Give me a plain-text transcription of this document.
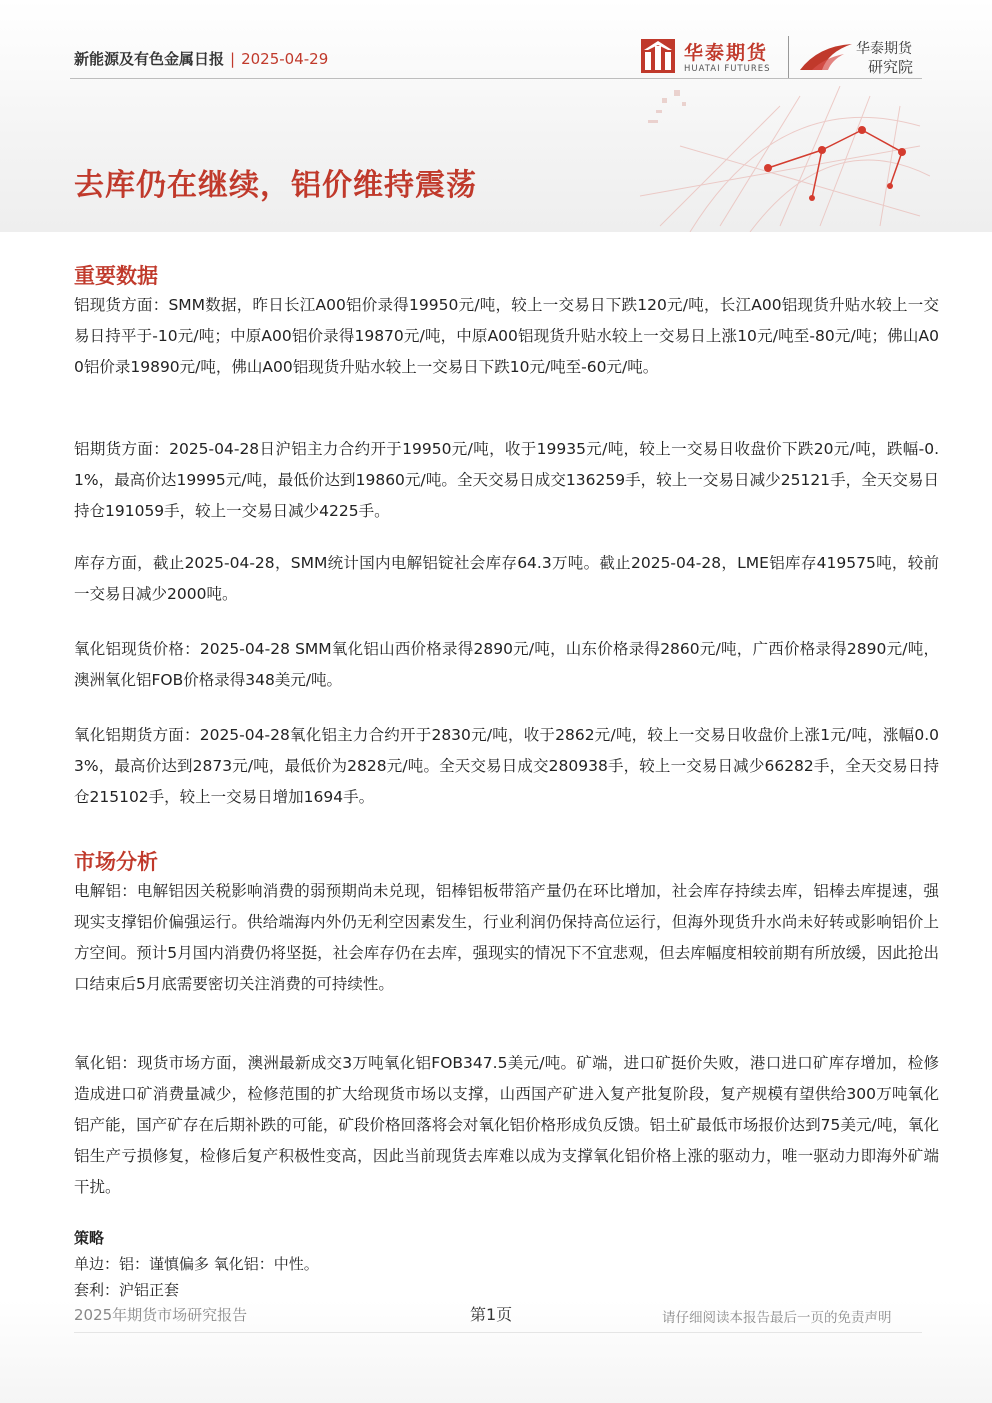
新能源及有色金属日报 | 2025-04-29	华泰期货
HUATAI FUTURES
华泰期货
研究院
去库仍在继续，铝价维持震荡
重要数据

铝现货方面：SMM数据，昨日长江A00铝价录得19950元/吨，较上一交易日下跌120元/吨，长江A00铝现货升贴水较上一交易日持平于-10元/吨；中原A00铝价录得19870元/吨，中原A00铝现货升贴水较上一交易日上涨10元/吨至-80元/吨；佛山A00铝价录19890元/吨，佛山A00铝现货升贴水较上一交易日下跌10元/吨至-60元/吨。

铝期货方面：2025-04-28日沪铝主力合约开于19950元/吨，收于19935元/吨，较上一交易日收盘价下跌20元/吨，跌幅-0.1%，最高价达19995元/吨，最低价达到19860元/吨。全天交易日成交136259手，较上一交易日减少25121手，全天交易日持仓191059手，较上一交易日减少4225手。

库存方面，截止2025-04-28，SMM统计国内电解铝锭社会库存64.3万吨。截止2025-04-28，LME铝库存419575吨，较前一交易日减少2000吨。

氧化铝现货价格：2025-04-28 SMM氧化铝山西价格录得2890元/吨，山东价格录得2860元/吨，广西价格录得2890元/吨，澳洲氧化铝FOB价格录得348美元/吨。

氧化铝期货方面：2025-04-28氧化铝主力合约开于2830元/吨，收于2862元/吨，较上一交易日收盘价上涨1元/吨，涨幅0.03%，最高价达到2873元/吨，最低价为2828元/吨。全天交易日成交280938手，较上一交易日减少66282手，全天交易日持仓215102手，较上一交易日增加1694手。

市场分析

电解铝：电解铝因关税影响消费的弱预期尚未兑现，铝棒铝板带箔产量仍在环比增加，社会库存持续去库，铝棒去库提速，强现实支撑铝价偏强运行。供给端海内外仍无利空因素发生，行业利润仍保持高位运行，但海外现货升水尚未好转或影响铝价上方空间。预计5月国内消费仍将坚挺，社会库存仍在去库，强现实的情况下不宜悲观，但去库幅度相较前期有所放缓，因此抢出口结束后5月底需要密切关注消费的可持续性。

氧化铝：现货市场方面，澳洲最新成交3万吨氧化铝FOB347.5美元/吨。矿端，进口矿挺价失败，港口进口矿库存增加，检修造成进口矿消费量减少，检修范围的扩大给现货市场以支撑，山西国产矿进入复产批复阶段，复产规模有望供给300万吨氧化铝产能，国产矿存在后期补跌的可能，矿段价格回落将会对氧化铝价格形成负反馈。铝土矿最低市场报价达到75美元/吨，氧化铝生产亏损修复，检修后复产积极性变高，因此当前现货去库难以成为支撑氧化铝价格上涨的驱动力，唯一驱动力即海外矿端干扰。

策略
单边：铝：谨慎偏多 氧化铝：中性。
套利：沪铝正套
2025年期货市场研究报告	第1页	请仔细阅读本报告最后一页的免责声明
